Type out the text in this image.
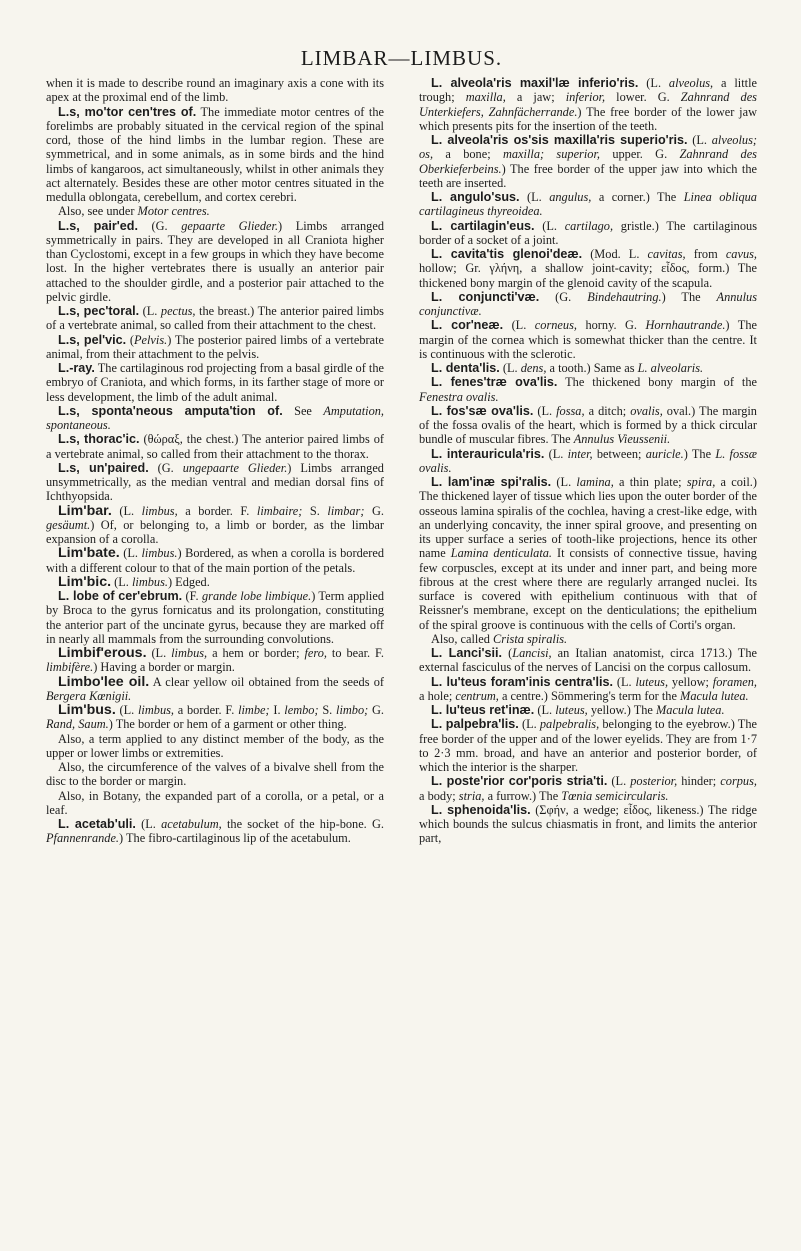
LIMBAR—LIMBUS.

when it is made to describe round an imaginary axis a cone with its apex at the proximal end of the limb.

L.s, mo'tor cen'tres of. The immediate motor centres of the forelimbs are probably situated in the cervical region of the spinal cord, those of the hind limbs in the lumbar region. These are symmetrical, and in some animals, as in some birds and the hind limbs of kangaroos, act simultaneously, whilst in other animals they act alternately. Besides these are other motor centres situated in the medulla oblongata, cerebellum, and cortex cerebri.

Also, see under Motor centres.

L.s, pair'ed. (G. gepaarte Glieder.) Limbs arranged symmetrically in pairs. They are developed in all Craniota higher than Cyclostomi, except in a few groups in which they have become lost. In the higher vertebrates there is usually an anterior pair attached to the shoulder girdle, and a posterior pair attached to the pelvic girdle.

L.s, pec'toral. (L. pectus, the breast.) The anterior paired limbs of a vertebrate animal, so called from their attachment to the chest.

L.s, pel'vic. (Pelvis.) The posterior paired limbs of a vertebrate animal, from their attachment to the pelvis.

L.-ray. The cartilaginous rod projecting from a basal girdle of the embryo of Craniota, and which forms, in its farther stage of more or less development, the limb of the adult animal.

L.s, sponta'neous amputa'tion of. See Amputation, spontaneous.

L.s, thorac'ic. (θώραξ, the chest.) The anterior paired limbs of a vertebrate animal, so called from their attachment to the thorax.

L.s, un'paired. (G. ungepaarte Glieder.) Limbs arranged unsymmetrically, as the median ventral and median dorsal fins of Ichthyopsida.

Lim'bar. (L. limbus, a border. F. limbaire; S. limbar; G. gesäumt.) Of, or belonging to, a limb or border, as the limbar expansion of a corolla.

Lim'bate. (L. limbus.) Bordered, as when a corolla is bordered with a different colour to that of the main portion of the petals.

Lim'bic. (L. limbus.) Edged.

L. lobe of cer'ebrum. (F. grande lobe limbique.) Term applied by Broca to the gyrus fornicatus and its prolongation, constituting the anterior part of the uncinate gyrus, because they are marked off in nearly all mammals from the surrounding convolutions.

Limbif'erous. (L. limbus, a hem or border; fero, to bear. F. limbifère.) Having a border or margin.

Limbo'lee oil. A clear yellow oil obtained from the seeds of Bergera Kœnigii.

Lim'bus. (L. limbus, a border. F. limbe; I. lembo; S. limbo; G. Rand, Saum.) The border or hem of a garment or other thing.

Also, a term applied to any distinct member of the body, as the upper or lower limbs or extremities.

Also, the circumference of the valves of a bivalve shell from the disc to the border or margin.

Also, in Botany, the expanded part of a corolla, or a petal, or a leaf.

L. acetab'uli. (L. acetabulum, the socket of the hip-bone. G. Pfannenrande.) The fibro-cartilaginous lip of the acetabulum.

L. alveola'ris maxil'læ inferio'ris. (L. alveolus, a little trough; maxilla, a jaw; inferior, lower. G. Zahnrand des Unterkiefers, Zahnfächerrande.) The free border of the lower jaw which presents pits for the insertion of the teeth.

L. alveola'ris os'sis maxilla'ris superio'ris. (L. alveolus; os, a bone; maxilla; superior, upper. G. Zahnrand des Oberkieferbeins.) The free border of the upper jaw into which the teeth are inserted.

L. angulo'sus. (L. angulus, a corner.) The Linea obliqua cartilagineus thyreoidea.

L. cartilagin'eus. (L. cartilago, gristle.) The cartilaginous border of a socket of a joint.

L. cavita'tis glenoi'deæ. (Mod. L. cavitas, from cavus, hollow; Gr. γλήνη, a shallow joint-cavity; εἶδος, form.) The thickened bony margin of the glenoid cavity of the scapula.

L. conjuncti'væ. (G. Bindehautring.) The Annulus conjunctivæ.

L. cor'neæ. (L. corneus, horny. G. Hornhautrande.) The margin of the cornea which is somewhat thicker than the centre. It is continuous with the sclerotic.

L. denta'lis. (L. dens, a tooth.) Same as L. alveolaris.

L. fenes'træ ova'lis. The thickened bony margin of the Fenestra ovalis.

L. fos'sæ ova'lis. (L. fossa, a ditch; ovalis, oval.) The margin of the fossa ovalis of the heart, which is formed by a thick circular bundle of muscular fibres. The Annulus Vieussenii.

L. interauricula'ris. (L. inter, between; auricle.) The L. fossæ ovalis.

L. lam'inæ spi'ralis. (L. lamina, a thin plate; spira, a coil.) The thickened layer of tissue which lies upon the outer border of the osseous lamina spiralis of the cochlea, having a crest-like edge, with an underlying concavity, the inner spiral groove, and presenting on its upper surface a series of tooth-like projections, hence its other name Lamina denticulata. It consists of connective tissue, having few corpuscles, except at its under and inner part, and being more fibrous at the crest where there are regularly arranged nuclei. Its surface is covered with epithelium continuous with that of Reissner's membrane, except on the denticulations; the epithelium of the spiral groove is continuous with the cells of Corti's organ.

Also, called Crista spiralis.

L. Lanci'sii. (Lancisi, an Italian anatomist, circa 1713.) The external fasciculus of the nerves of Lancisi on the corpus callosum.

L. lu'teus foram'inis centra'lis. (L. luteus, yellow; foramen, a hole; centrum, a centre.) Sömmering's term for the Macula lutea.

L. lu'teus ret'inæ. (L. luteus, yellow.) The Macula lutea.

L. palpebra'lis. (L. palpebralis, belonging to the eyebrow.) The free border of the upper and of the lower eyelids. They are from 1·7 to 2·3 mm. broad, and have an anterior and posterior border, of which the interior is the sharper.

L. poste'rior cor'poris stria'ti. (L. posterior, hinder; corpus, a body; stria, a furrow.) The Tœnia semicircularis.

L. sphenoida'lis. (Σφήν, a wedge; εἶδος, likeness.) The ridge which bounds the sulcus chiasmatis in front, and limits the anterior part,
